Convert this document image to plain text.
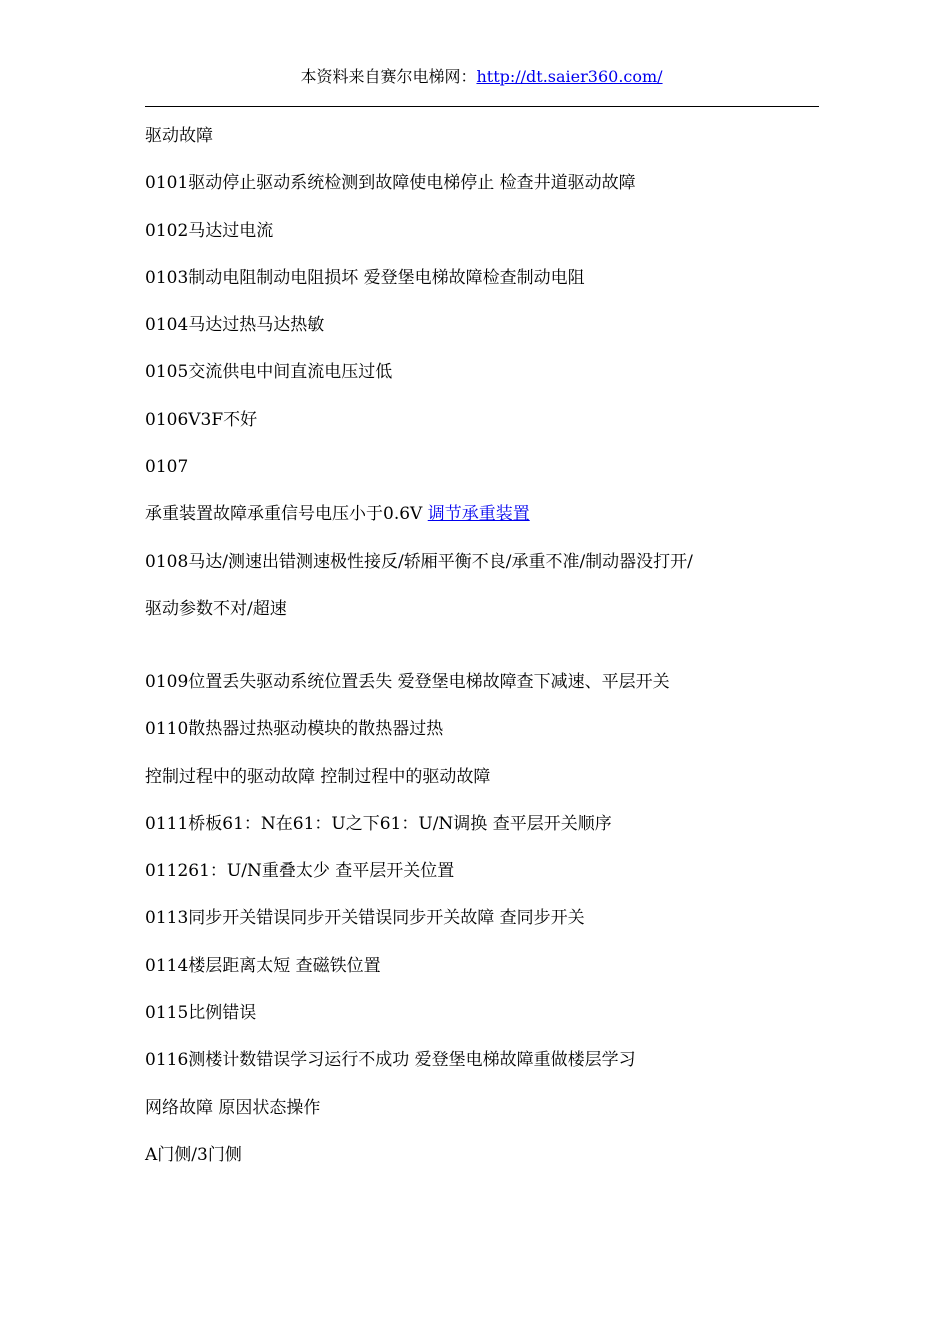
本资料来自赛尔电梯网：http://dt.saier360.com/
驱动故障
0101驱动停止驱动系统检测到故障使电梯停止 检查井道驱动故障
0102马达过电流
0103制动电阻制动电阻损坏 爱登堡电梯故障检查制动电阻
0104马达过热马达热敏
0105交流供电中间直流电压过低
0106V3F不好
0107
承重装置故障承重信号电压小于0.6V 调节承重装置
0108马达/测速出错测速极性接反/轿厢平衡不良/承重不准/制动器没打开/
驱动参数不对/超速
0109位置丢失驱动系统位置丢失 爱登堡电梯故障查下减速、平层开关
0110散热器过热驱动模块的散热器过热
控制过程中的驱动故障 控制过程中的驱动故障
0111桥板61：N在61：U之下61：U/N调换 查平层开关顺序
011261：U/N重叠太少 查平层开关位置
0113同步开关错误同步开关错误同步开关故障 查同步开关
0114楼层距离太短 查磁铁位置
0115比例错误
0116测楼计数错误学习运行不成功 爱登堡电梯故障重做楼层学习
网络故障 原因状态操作
A门侧/3门侧
